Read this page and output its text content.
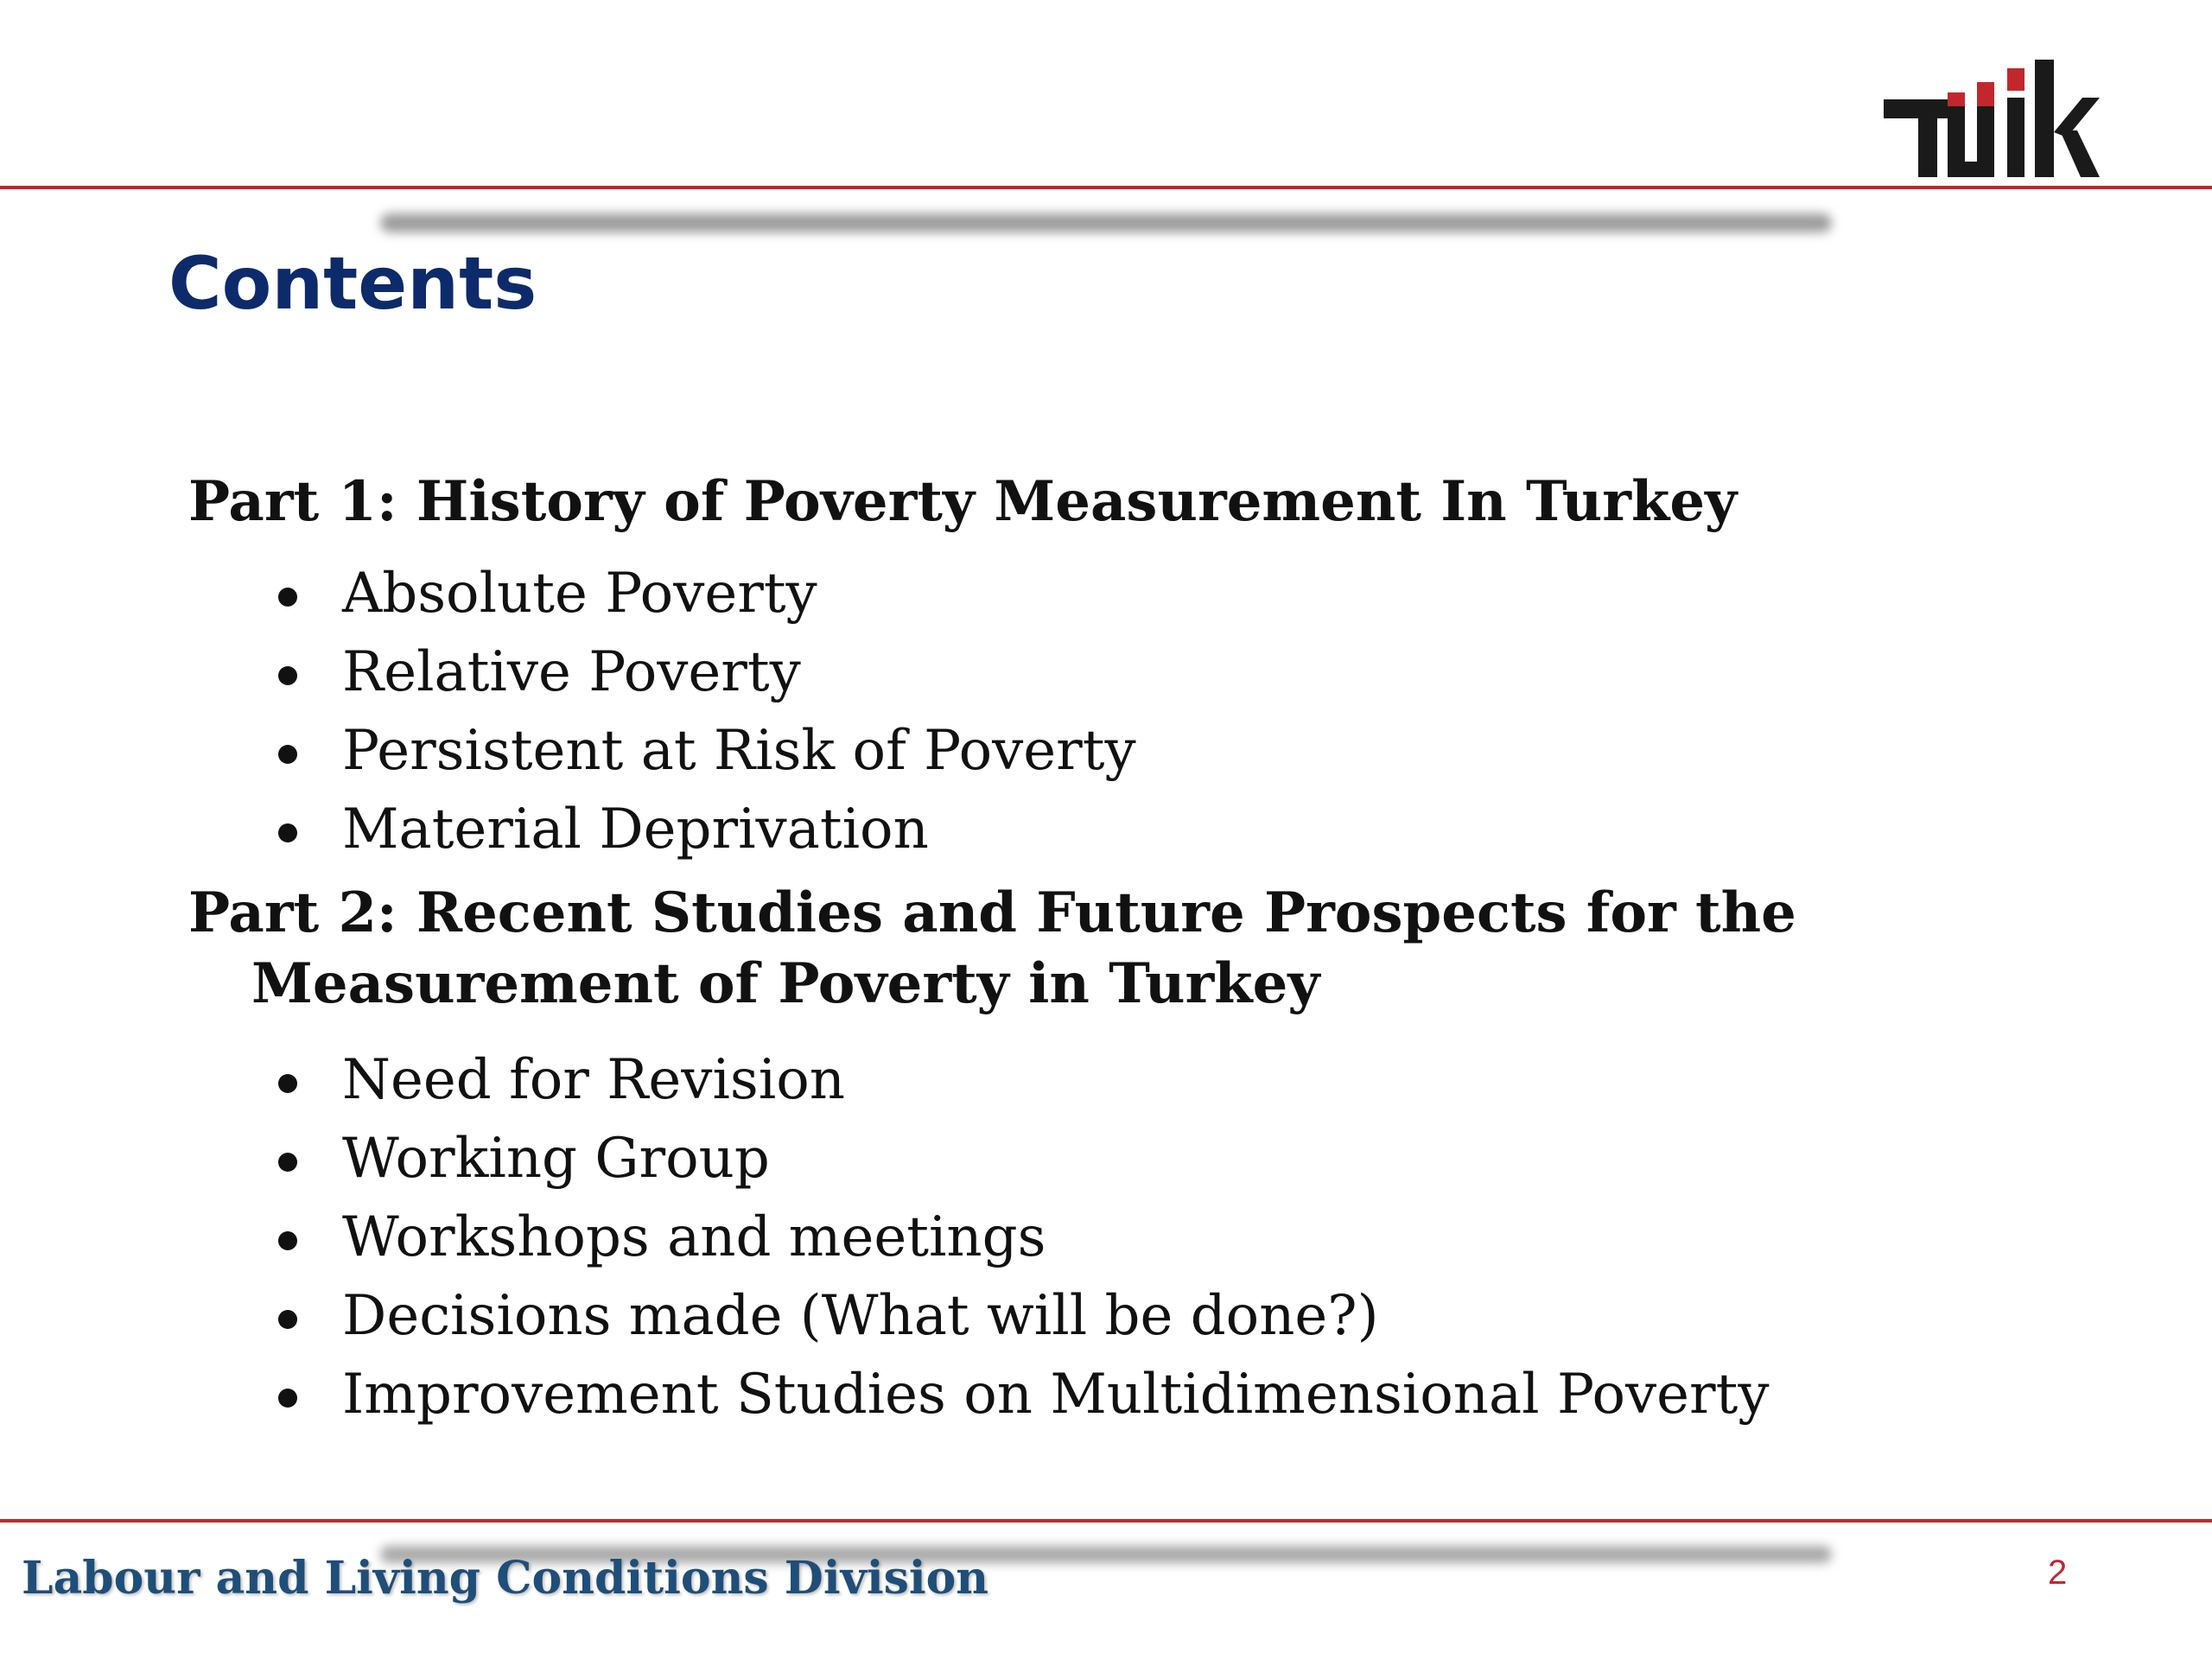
Contents
Part 1: History of Poverty Measurement In Turkey
Absolute Poverty
Relative Poverty
Persistent at Risk of Poverty
Material Deprivation
Part 2: Recent Studies and Future Prospects for the Measurement of Poverty in Turkey
Need for Revision
Working Group
Workshops and meetings
Decisions made (What will be done?)
Improvement Studies on Multidimensional Poverty

Labour and Living Conditions Division	2
